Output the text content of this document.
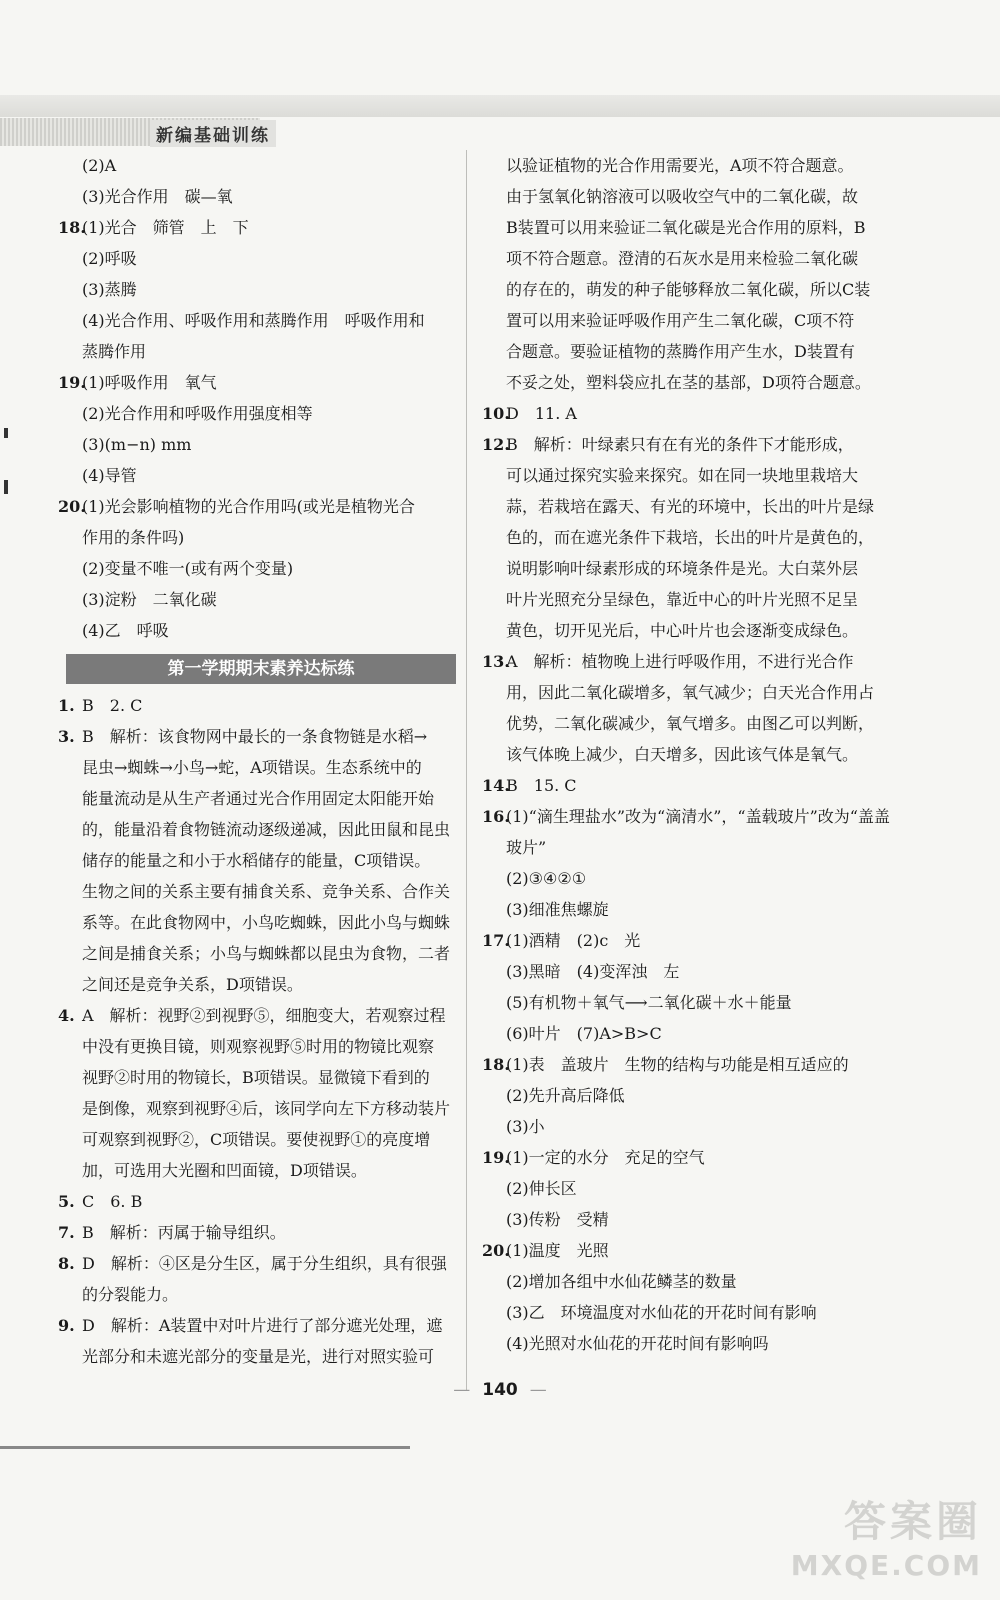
新编基础训练
(2)A
(3)光合作用　碳—氧
18.
(1)光合　筛管　上　下
(2)呼吸
(3)蒸腾
(4)光合作用、呼吸作用和蒸腾作用　呼吸作用和
蒸腾作用
19.
(1)呼吸作用　氧气
(2)光合作用和呼吸作用强度相等
(3)(m−n) mm
(4)导管
20.
(1)光会影响植物的光合作用吗(或光是植物光合
作用的条件吗)
(2)变量不唯一(或有两个变量)
(3)淀粉　二氧化碳
(4)乙　呼吸
第一学期期末素养达标练
1. B　2. C
3. B　解析：该食物网中最长的一条食物链是水稻→
昆虫→蜘蛛→小鸟→蛇，A项错误。生态系统中的
能量流动是从生产者通过光合作用固定太阳能开始
的，能量沿着食物链流动逐级递减，因此田鼠和昆虫
储存的能量之和小于水稻储存的能量，C项错误。
生物之间的关系主要有捕食关系、竞争关系、合作关
系等。在此食物网中，小鸟吃蜘蛛，因此小鸟与蜘蛛
之间是捕食关系；小鸟与蜘蛛都以昆虫为食物，二者
之间还是竞争关系，D项错误。
4. A　解析：视野②到视野⑤，细胞变大，若观察过程
中没有更换目镜，则观察视野⑤时用的物镜比观察
视野②时用的物镜长，B项错误。显微镜下看到的
是倒像，观察到视野④后，该同学向左下方移动装片
可观察到视野②，C项错误。要使视野①的亮度增
加，可选用大光圈和凹面镜，D项错误。
5. C　6. B
7. B　解析：丙属于输导组织。
8. D　解析：④区是分生区，属于分生组织，具有很强
的分裂能力。
9. D　解析：A装置中对叶片进行了部分遮光处理，遮
光部分和未遮光部分的变量是光，进行对照实验可
以验证植物的光合作用需要光，A项不符合题意。
由于氢氧化钠溶液可以吸收空气中的二氧化碳，故
B装置可以用来验证二氧化碳是光合作用的原料，B
项不符合题意。澄清的石灰水是用来检验二氧化碳
的存在的，萌发的种子能够释放二氧化碳，所以C装
置可以用来验证呼吸作用产生二氧化碳，C项不符
合题意。要验证植物的蒸腾作用产生水，D装置有
不妥之处，塑料袋应扎在茎的基部，D项符合题意。
10.
D　11. A
12.
B　解析：叶绿素只有在有光的条件下才能形成，
可以通过探究实验来探究。如在同一块地里栽培大
蒜，若栽培在露天、有光的环境中，长出的叶片是绿
色的，而在遮光条件下栽培，长出的叶片是黄色的，
说明影响叶绿素形成的环境条件是光。大白菜外层
叶片光照充分呈绿色，靠近中心的叶片光照不足呈
黄色，切开见光后，中心叶片也会逐渐变成绿色。
13.
A　解析：植物晚上进行呼吸作用，不进行光合作
用，因此二氧化碳增多，氧气减少；白天光合作用占
优势，二氧化碳减少，氧气增多。由图乙可以判断，
该气体晚上减少，白天增多，因此该气体是氧气。
14.
B　15. C
16.
(1)“滴生理盐水”改为“滴清水”，“盖载玻片”改为“盖盖
玻片”
(2)③④②①
(3)细准焦螺旋
17.
(1)酒精　(2)c　光
(3)黑暗　(4)变浑浊　左
(5)有机物＋氧气⟶二氧化碳＋水＋能量
(6)叶片　(7)A>B>C
18.
(1)表　盖玻片　生物的结构与功能是相互适应的
(2)先升高后降低
(3)小
19.
(1)一定的水分　充足的空气
(2)伸长区
(3)传粉　受精
20.
(1)温度　光照
(2)增加各组中水仙花鳞茎的数量
(3)乙　环境温度对水仙花的开花时间有影响
(4)光照对水仙花的开花时间有影响吗
— 140 —
答案圈
MXQE.COM
